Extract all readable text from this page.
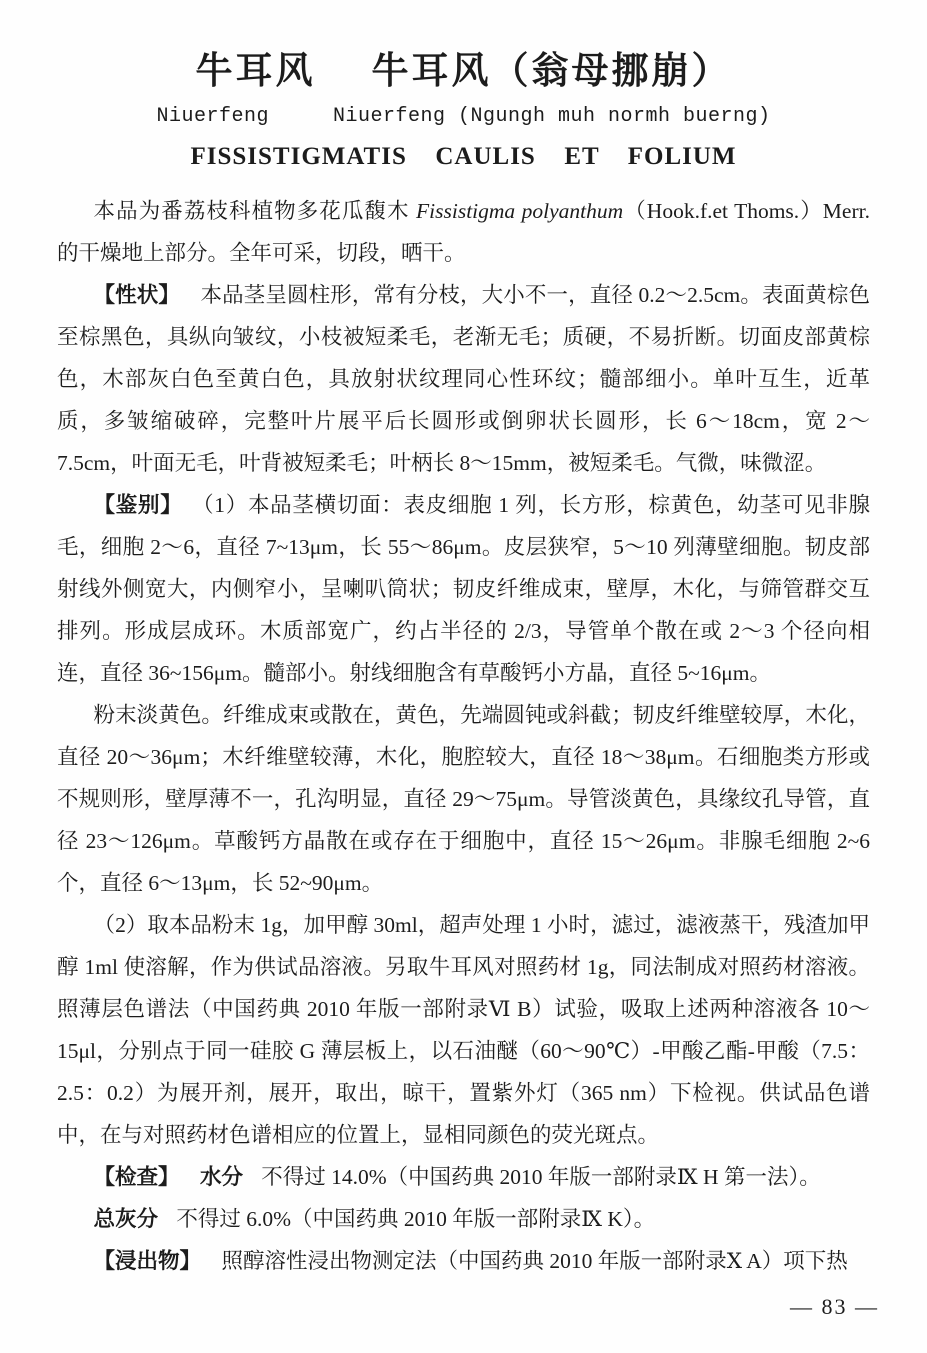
牛耳风 牛耳风（翁母挪崩）
Niuerfeng	Niuerfeng (Ngungh muh normh buerng)
FISSISTIGMATIS CAULIS ET FOLIUM

本品为番荔枝科植物多花瓜馥木 Fissistigma polyanthum（Hook.f.et Thoms.）Merr. 的干燥地上部分。全年可采，切段，晒干。

【性状】 本品茎呈圆柱形，常有分枝，大小不一，直径 0.2～2.5cm。表面黄棕色至棕黑色，具纵向皱纹，小枝被短柔毛，老渐无毛；质硬，不易折断。切面皮部黄棕色，木部灰白色至黄白色，具放射状纹理同心性环纹；髓部细小。单叶互生，近革质，多皱缩破碎，完整叶片展平后长圆形或倒卵状长圆形，长 6～18cm，宽 2～7.5cm，叶面无毛，叶背被短柔毛；叶柄长 8～15mm，被短柔毛。气微，味微涩。

【鉴别】 （1）本品茎横切面：表皮细胞 1 列，长方形，棕黄色，幼茎可见非腺毛，细胞 2～6，直径 7~13μm，长 55～86μm。皮层狭窄，5～10 列薄壁细胞。韧皮部射线外侧宽大，内侧窄小，呈喇叭筒状；韧皮纤维成束，壁厚，木化，与筛管群交互排列。形成层成环。木质部宽广，约占半径的 2/3，导管单个散在或 2～3 个径向相连，直径 36~156μm。髓部小。射线细胞含有草酸钙小方晶，直径 5~16μm。

粉末淡黄色。纤维成束或散在，黄色，先端圆钝或斜截；韧皮纤维壁较厚，木化，直径 20～36μm；木纤维壁较薄，木化，胞腔较大，直径 18～38μm。石细胞类方形或不规则形，壁厚薄不一，孔沟明显，直径 29～75μm。导管淡黄色，具缘纹孔导管，直径 23～126μm。草酸钙方晶散在或存在于细胞中，直径 15～26μm。非腺毛细胞 2~6 个，直径 6～13μm，长 52~90μm。

（2）取本品粉末 1g，加甲醇 30ml，超声处理 1 小时，滤过，滤液蒸干，残渣加甲醇 1ml 使溶解，作为供试品溶液。另取牛耳风对照药材 1g，同法制成对照药材溶液。照薄层色谱法（中国药典 2010 年版一部附录Ⅵ B）试验，吸取上述两种溶液各 10～15μl，分别点于同一硅胶 G 薄层板上，以石油醚（60～90℃）-甲酸乙酯-甲酸（7.5：2.5：0.2）为展开剂，展开，取出，晾干，置紫外灯（365 nm）下检视。供试品色谱中，在与对照药材色谱相应的位置上，显相同颜色的荧光斑点。

【检查】 水分 不得过 14.0%（中国药典 2010 年版一部附录Ⅸ H 第一法）。

总灰分 不得过 6.0%（中国药典 2010 年版一部附录Ⅸ K）。

【浸出物】 照醇溶性浸出物测定法（中国药典 2010 年版一部附录Ⅹ A）项下热

— 83 —
